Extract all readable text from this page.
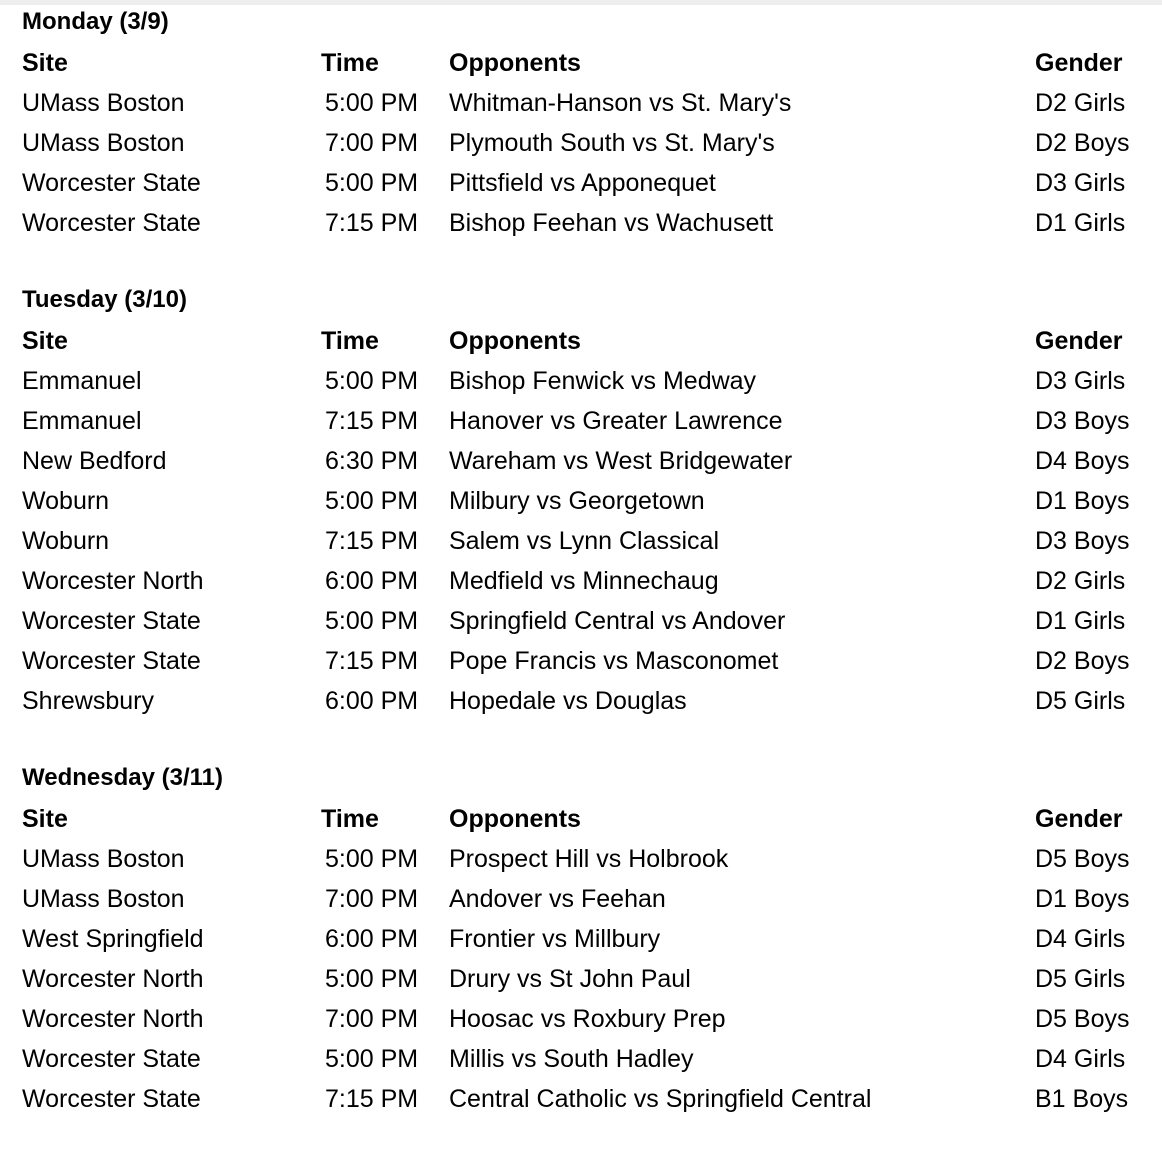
Monday (3/9)
Site	Time	Opponents	Gender
UMass Boston	5:00 PM	Whitman-Hanson vs St. Mary's	D2 Girls
UMass Boston	7:00 PM	Plymouth South vs St. Mary's	D2 Boys
Worcester State	5:00 PM	Pittsfield vs Apponequet	D3 Girls
Worcester State	7:15 PM	Bishop Feehan vs Wachusett	D1 Girls
Tuesday (3/10)
Site	Time	Opponents	Gender
Emmanuel	5:00 PM	Bishop Fenwick vs Medway	D3 Girls
Emmanuel	7:15 PM	Hanover vs Greater Lawrence	D3 Boys
New Bedford	6:30 PM	Wareham vs West Bridgewater	D4 Boys
Woburn	5:00 PM	Milbury vs Georgetown	D1 Boys
Woburn	7:15 PM	Salem vs Lynn Classical	D3 Boys
Worcester North	6:00 PM	Medfield vs Minnechaug	D2 Girls
Worcester State	5:00 PM	Springfield Central vs Andover	D1 Girls
Worcester State	7:15 PM	Pope Francis vs Masconomet	D2 Boys
Shrewsbury	6:00 PM	Hopedale vs Douglas	D5 Girls
Wednesday (3/11)
Site	Time	Opponents	Gender
UMass Boston	5:00 PM	Prospect Hill vs Holbrook	D5 Boys
UMass Boston	7:00 PM	Andover vs Feehan	D1 Boys
West Springfield	6:00 PM	Frontier vs Millbury	D4 Girls
Worcester North	5:00 PM	Drury vs St John Paul	D5 Girls
Worcester North	7:00 PM	Hoosac vs Roxbury Prep	D5 Boys
Worcester State	5:00 PM	Millis vs South Hadley	D4 Girls
Worcester State	7:15 PM	Central Catholic vs Springfield Central	B1 Boys
